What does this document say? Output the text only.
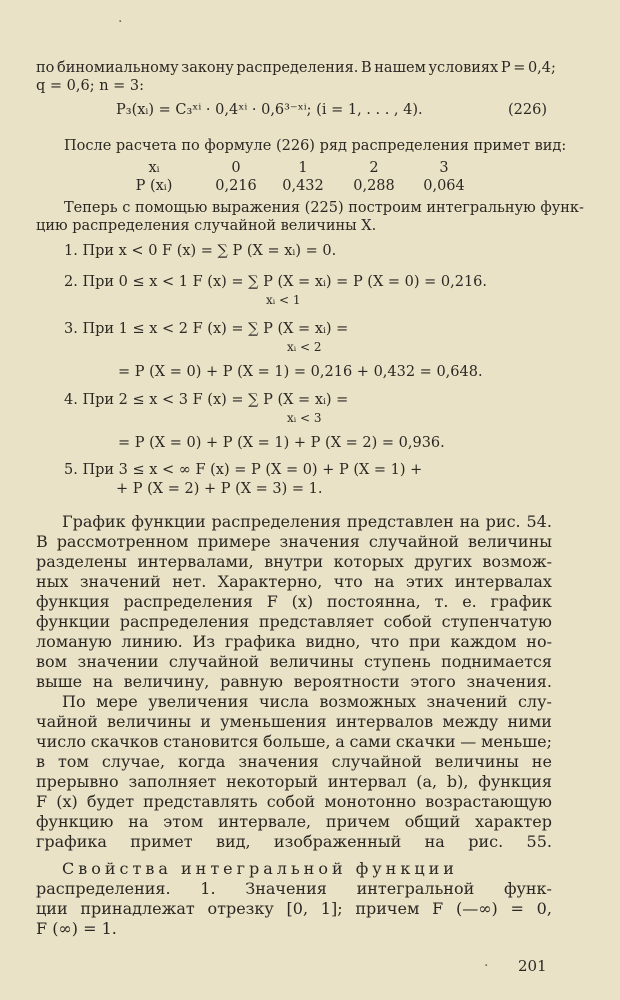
·
по биномиальному закону распределения. В нашем условиях P = 0,4;
q = 0,6; n = 3:
P₃(xᵢ) = C₃ˣⁱ · 0,4ˣⁱ · 0,6³⁻ˣⁱ; (i = 1, . . . , 4).	(226)
После расчета по формуле (226) ряд распределения примет вид:
xᵢ	0	1	2	3
P (xᵢ)	0,216 0,432 0,288 0,064
Теперь с помощью выражения (225) построим интегральную функ-
цию распределения случайной величины X.
1. При x < 0 F (x) = ∑ P (X = xᵢ) = 0.
2. При 0 ≤ x < 1 F (x) = ∑ P (X = xᵢ) = P (X = 0) = 0,216.
xᵢ < 1
3. При 1 ≤ x < 2 F (x) = ∑ P (X = xᵢ) =
xᵢ < 2
= P (X = 0) + P (X = 1) = 0,216 + 0,432 = 0,648.
4. При 2 ≤ x < 3 F (x) = ∑ P (X = xᵢ) =
xᵢ < 3
= P (X = 0) + P (X = 1) + P (X = 2) = 0,936.
5. При 3 ≤ x < ∞ F (x) = P (X = 0) + P (X = 1) +
+ P (X = 2) + P (X = 3) = 1.
График функции распределения представлен на рис. 54.
В рассмотренном примере значения случайной величины
разделены интервалами, внутри которых других возмож-
ных значений нет. Характерно, что на этих интервалах
функция распределения F (x) постоянна, т. е. график
функции распределения представляет собой ступенчатую
ломаную линию. Из графика видно, что при каждом но-
вом значении случайной величины ступень поднимается
выше на величину, равную вероятности этого значения.
По мере увеличения числа возможных значений слу-
чайной величины и уменьшения интервалов между ними
число скачков становится больше, а сами скачки — меньше;
в том случае, когда значения случайной величины не
прерывно заполняет некоторый интервал (a, b), функция
F (x) будет представлять собой монотонно возрастающую
функцию на этом интервале, причем общий характер
графика примет вид, изображенный на рис. 55.
Свойства интегральной функции
распределения. 1. Значения интегральной функ-
ции принадлежат отрезку [0, 1]; причем F (—∞) = 0,
F (∞) = 1.
· 201
